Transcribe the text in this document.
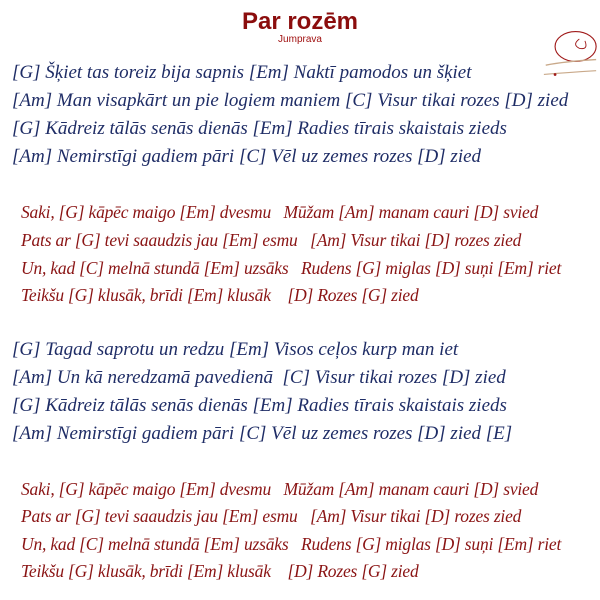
Par rozēm
Jumprava
[G] Šķiet tas toreiz bija sapnis [Em] Naktī pamodos un šķiet
[Am] Man visapkārt un pie logiem maniem [C] Visur tikai rozes [D] zied
[G] Kādreiz tālās senās dienās [Em] Radies tīrais skaistais zieds
[Am] Nemirstīgi gadiem pāri [C] Vēl uz zemes rozes [D] zied
Saki, [G] kāpēc maigo [Em] dvesmu   Mūžam [Am] manam cauri [D] svied
Pats ar [G] tevi saaudzis jau [Em] esmu   [Am] Visur tikai [D] rozes zied
Un, kad [C] melnā stundā [Em] uzsāks   Rudens [G] miglas [D] suņi [Em] riet
Teikšu [G] klusāk, brīdi [Em] klusāk    [D] Rozes [G] zied
[G] Tagad saprotu un redzu [Em] Visos ceļos kurp man iet
[Am] Un kā neredzamā pavedienā  [C] Visur tikai rozes [D] zied
[G] Kādreiz tālās senās dienās [Em] Radies tīrais skaistais zieds
[Am] Nemirstīgi gadiem pāri [C] Vēl uz zemes rozes [D] zied [E]
Saki, [G] kāpēc maigo [Em] dvesmu   Mūžam [Am] manam cauri [D] svied
Pats ar [G] tevi saaudzis jau [Em] esmu   [Am] Visur tikai [D] rozes zied
Un, kad [C] melnā stundā [Em] uzsāks   Rudens [G] miglas [D] suņi [Em] riet
Teikšu [G] klusāk, brīdi [Em] klusāk    [D] Rozes [G] zied
